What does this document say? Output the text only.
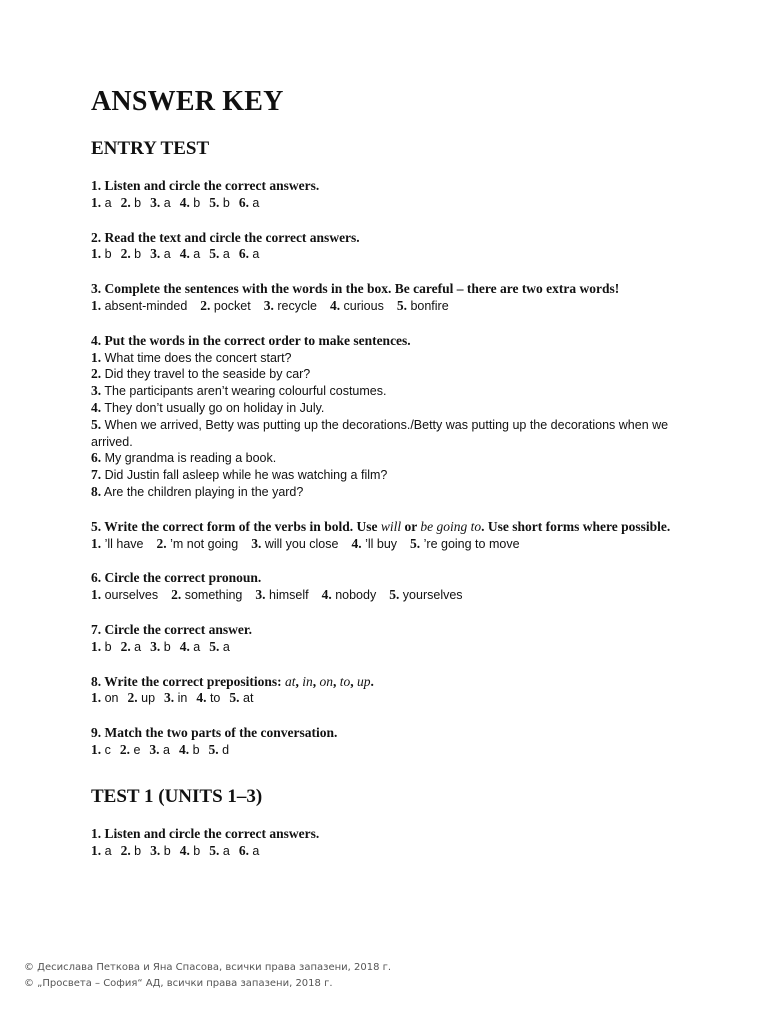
ANSWER KEY
ENTRY TEST
1. Listen and circle the correct answers.
1. a 2. b 3. a 4. b 5. b 6. a
2. Read the text and circle the correct answers.
1. b 2. b 3. a 4. a 5. a 6. a
3. Complete the sentences with the words in the box. Be careful – there are two extra words!
1. absent-minded 2. pocket 3. recycle 4. curious 5. bonfire
4. Put the words in the correct order to make sentences.
1. What time does the concert start?
2. Did they travel to the seaside by car?
3. The participants aren’t wearing colourful costumes.
4. They don’t usually go on holiday in July.
5. When we arrived, Betty was putting up the decorations./Betty was putting up the decorations when we arrived.
6. My grandma is reading a book.
7. Did Justin fall asleep while he was watching a film?
8. Are the children playing in the yard?
5. Write the correct form of the verbs in bold. Use will or be going to. Use short forms where possible.
1. ’ll have 2. ’m not going 3. will you close 4. ’ll buy 5. ’re going to move
6. Circle the correct pronoun.
1. ourselves 2. something 3. himself 4. nobody 5. yourselves
7. Circle the correct answer.
1. b 2. a 3. b 4. a 5. a
8. Write the correct prepositions: at, in, on, to, up.
1. on 2. up 3. in 4. to 5. at
9. Match the two parts of the conversation.
1. c 2. e 3. a 4. b 5. d
TEST 1 (UNITS 1–3)
1. Listen and circle the correct answers.
1. a 2. b 3. b 4. b 5. a 6. a
© Десислава Петкова и Яна Спасова, всички права запазени, 2018 г.
© „Просвета – София“ АД, всички права запазени, 2018 г.
